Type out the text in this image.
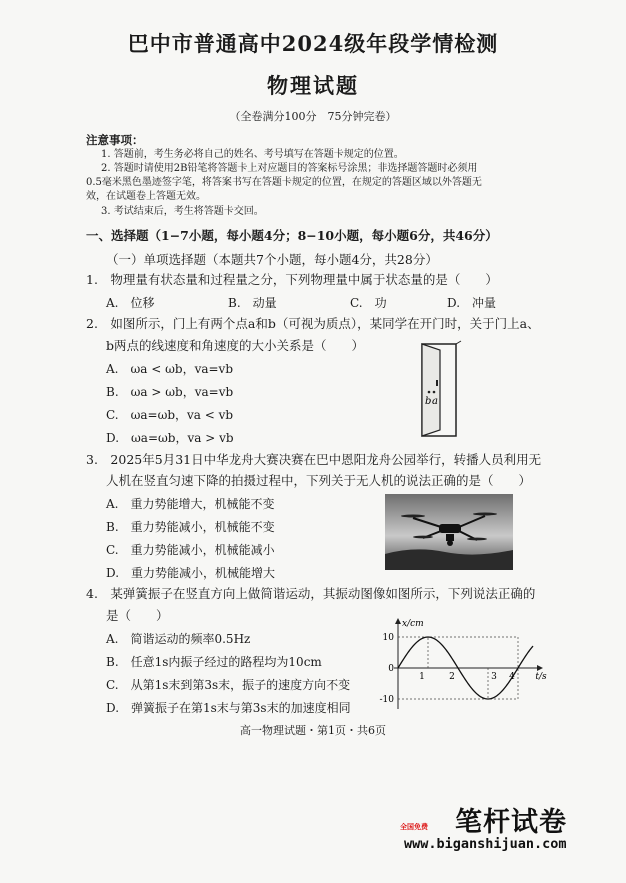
巴中市普通高中2024级年段学情检测
物理试题
（全卷满分100分　75分钟完卷）
注意事项：
1. 答题前，考生务必将自己的姓名、考号填写在答题卡规定的位置。
2. 答题时请使用2B铅笔将答题卡上对应题目的答案标号涂黑；非选择题答题时必须用
0.5毫米黑色墨迹签字笔，将答案书写在答题卡规定的位置，在规定的答题区域以外答题无
效，在试题卷上答题无效。
3. 考试结束后，考生将答题卡交回。
一、选择题（1−7小题，每小题4分；8−10小题，每小题6分，共46分）
（一）单项选择题（本题共7个小题，每小题4分，共28分）
1.　物理量有状态量和过程量之分，下列物理量中属于状态量的是（　　）
A.　位移	B.　动量	C.　功	D.　冲量
2.　如图所示，门上有两个点a和b（可视为质点），某同学在开门时，关于门上a、
b两点的线速度和角速度的大小关系是（　　）
A.　ωa < ωb，va=vb
B.　ωa > ωb，va=vb
C.　ωa=ωb，va < vb
D.　ωa=ωb，va > vb
b a
3.　2025年5月31日中华龙舟大赛决赛在巴中恩阳龙舟公园举行，转播人员利用无
人机在竖直匀速下降的拍摄过程中，下列关于无人机的说法正确的是（　　）
A.　重力势能增大，机械能不变
B.　重力势能减小，机械能不变
C.　重力势能减小，机械能减小
D.　重力势能减小，机械能增大
4.　某弹簧振子在竖直方向上做简谐运动，其振动图像如图所示，下列说法正确的
是（　　）
A.　简谐运动的频率0.5Hz
B.　任意1s内振子经过的路程均为10cm
C.　从第1s末到第3s末，振子的速度方向不变
D.　弹簧振子在第1s末与第3s末的加速度相同
1	2	3 4
10
0
-10
x/cm
t/s
高一物理试题・第1页・共6页
笔杆试卷
全国免费
www.biganshijuan.com
